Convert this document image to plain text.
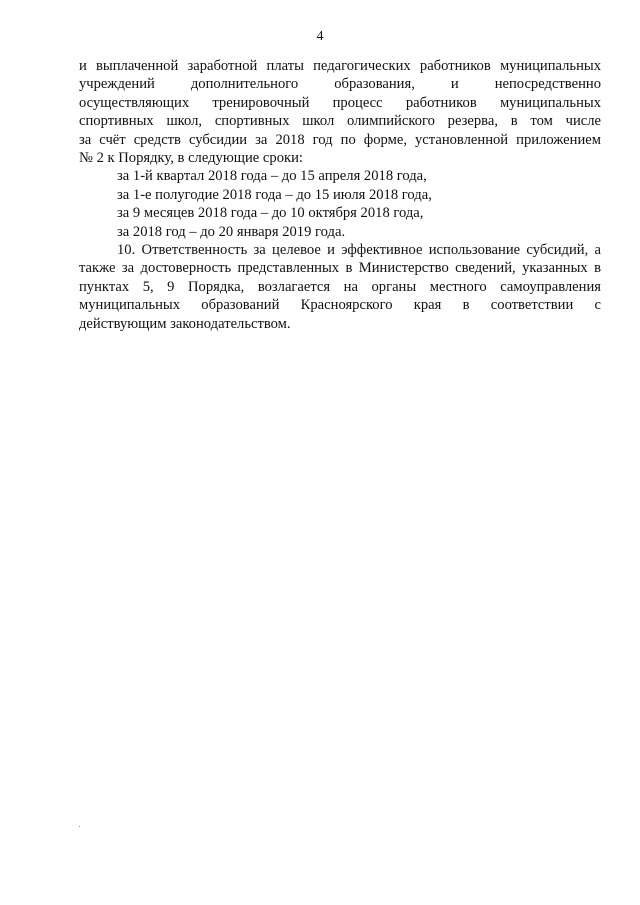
4
и выплаченной заработной платы педагогических работников муниципальных
учреждений дополнительного образования, и непосредственно
осуществляющих тренировочный процесс работников муниципальных
спортивных школ, спортивных школ олимпийского резерва, в том числе
за счёт средств субсидии за 2018 год по форме, установленной приложением
№ 2 к Порядку, в следующие сроки:
за 1-й квартал 2018 года – до 15 апреля 2018 года,
за 1-е полугодие 2018 года – до 15 июля 2018 года,
за 9 месяцев 2018 года – до 10 октября 2018 года,
за 2018 год – до 20 января 2019 года.
10. Ответственность за целевое и эффективное использование субсидий, а
также за достоверность представленных в Министерство сведений, указанных в
пунктах 5, 9 Порядка, возлагается на органы местного самоуправления
муниципальных образований Красноярского края в соответствии с
действующим законодательством.
